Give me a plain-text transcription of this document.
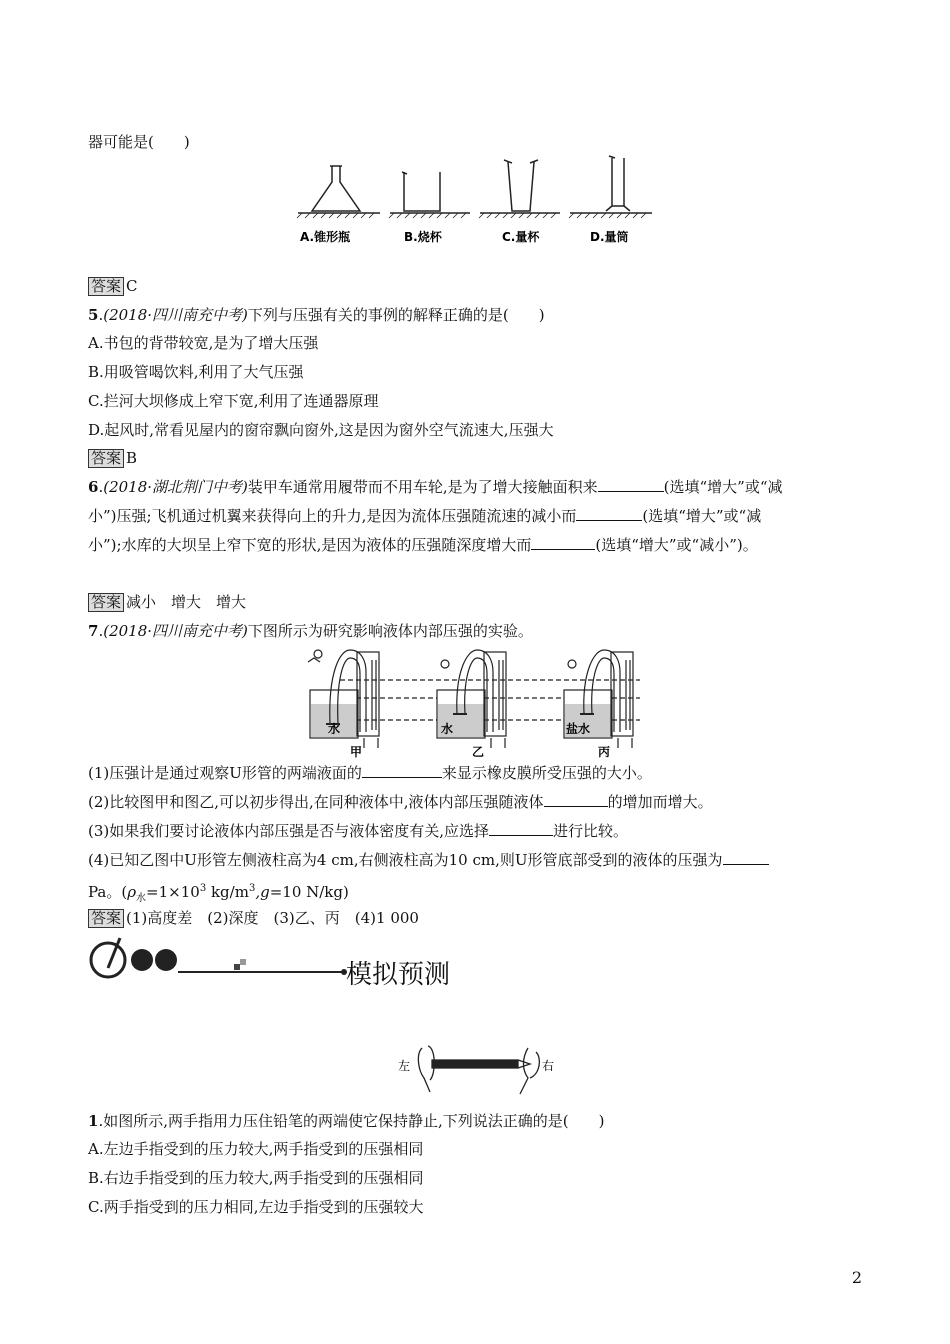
器可能是(　　)
A.锥形瓶	B.烧杯	C.量杯	D.量筒
答案 C
5.(2018·四川南充中考)下列与压强有关的事例的解释正确的是(　　)
A.书包的背带较宽,是为了增大压强
B.用吸管喝饮料,利用了大气压强
C.拦河大坝修成上窄下宽,利用了连通器原理
D.起风时,常看见屋内的窗帘飘向窗外,这是因为窗外空气流速大,压强大
答案 B
6.(2018·湖北荆门中考)装甲车通常用履带而不用车轮,是为了增大接触面积来	(选填“增大”或“减
小”)压强;飞机通过机翼来获得向上的升力,是因为流体压强随流速的减小而	(选填“增大”或“减
小”);水库的大坝呈上窄下宽的形状,是因为液体的压强随深度增大而	(选填“增大”或“减小”)。
答案 减小　增大　增大
7.(2018·四川南充中考)下图所示为研究影响液体内部压强的实验。
水	水	盐水
甲	乙	丙
(1)压强计是通过观察U形管的两端液面的	来显示橡皮膜所受压强的大小。
(2)比较图甲和图乙,可以初步得出,在同种液体中,液体内部压强随液体	的增加而增大。
(3)如果我们要讨论液体内部压强是否与液体密度有关,应选择	进行比较。
(4)已知乙图中U形管左侧液柱高为4 cm,右侧液柱高为10 cm,则U形管底部受到的液体的压强为
Pa。($\rho_水=1\times 10^3$ $kg/m^3,g=10$ N/kg)
答案 (1)高度差　(2)深度　(3)乙、丙　(4)1 000
模拟预测
左	右
1.如图所示,两手指用力压住铅笔的两端使它保持静止,下列说法正确的是(　　)
A.左边手指受到的压力较大,两手指受到的压强相同
B.右边手指受到的压力较大,两手指受到的压强相同
C.两手指受到的压力相同,左边手指受到的压强较大
2
